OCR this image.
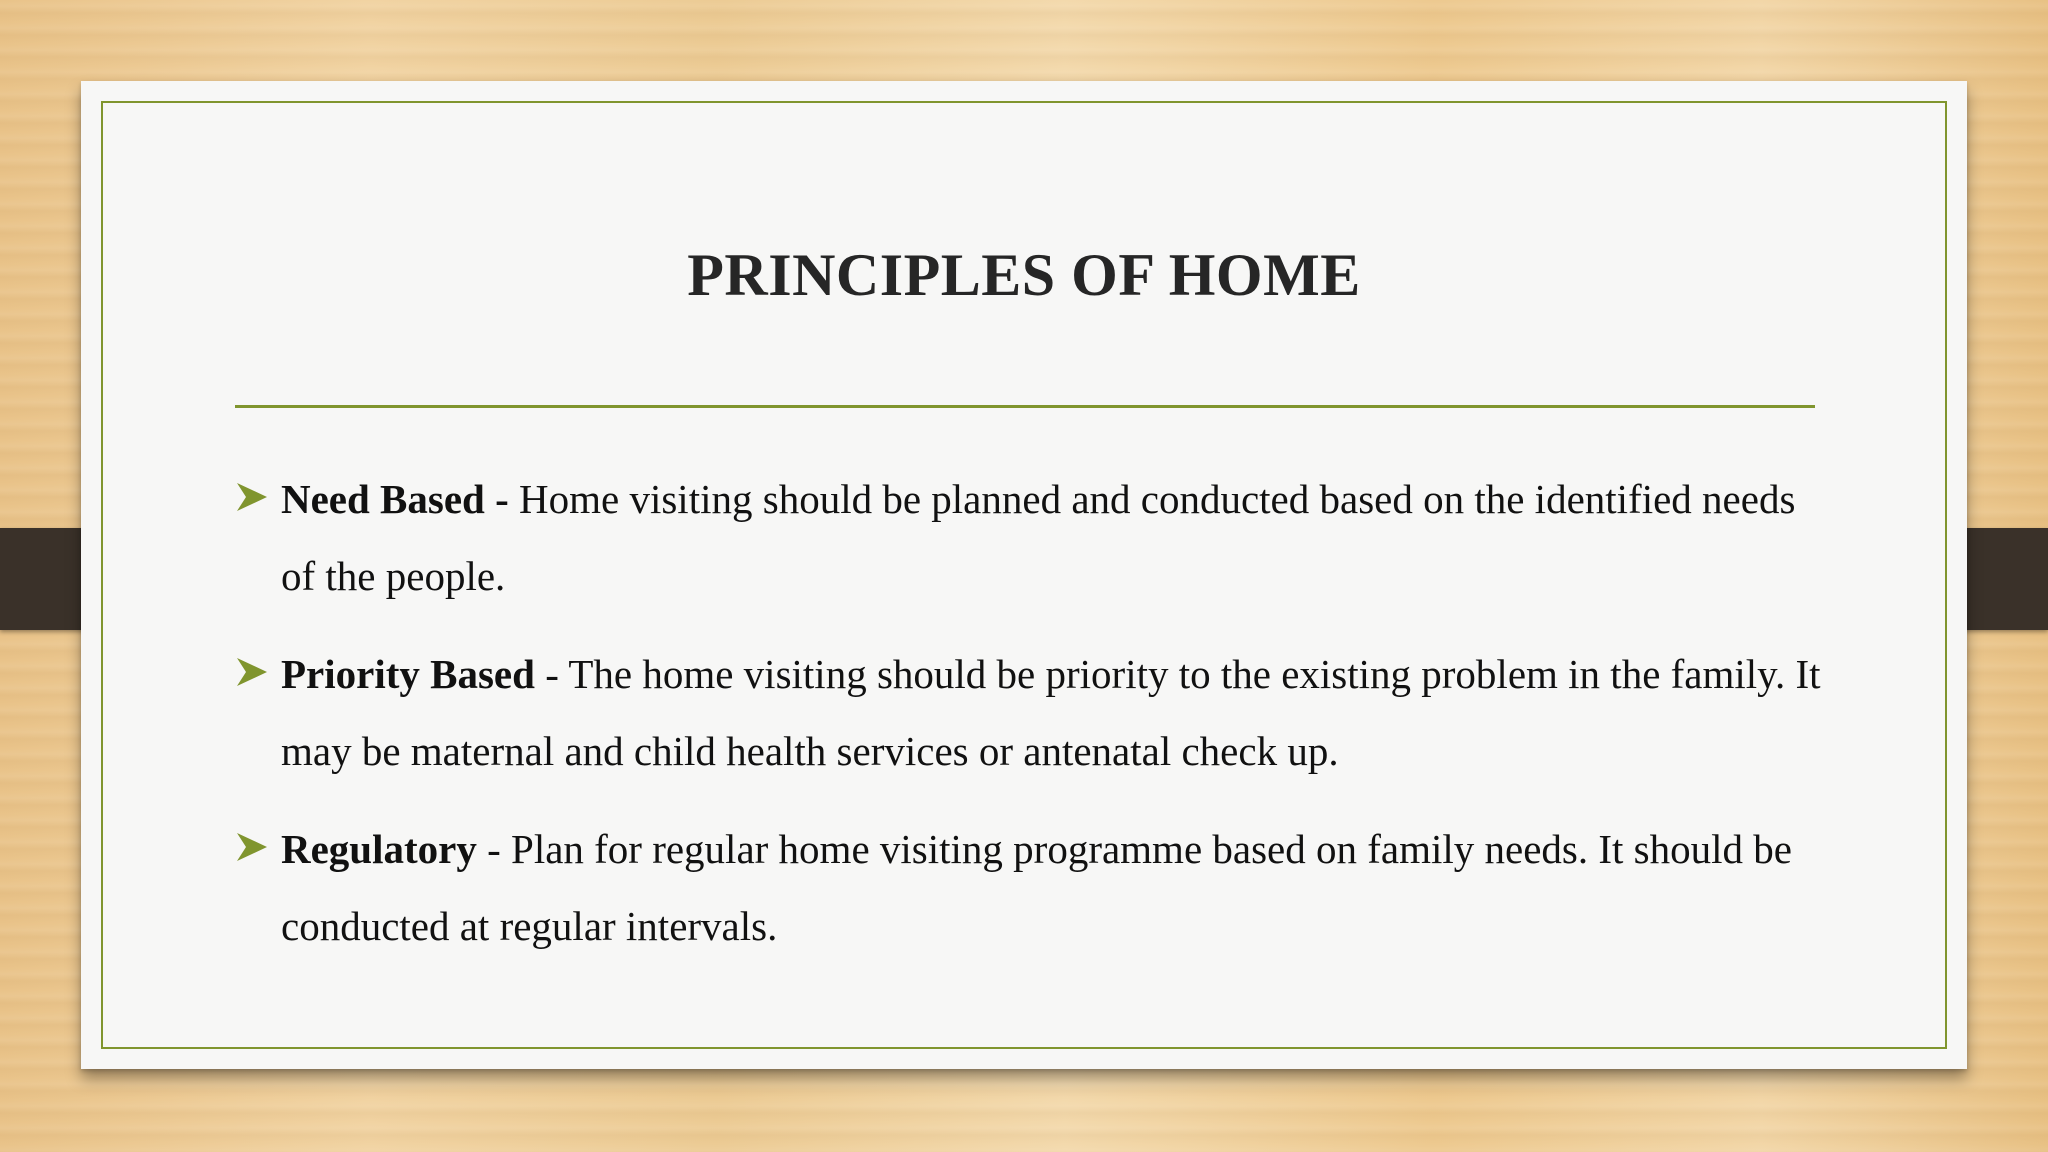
PRINCIPLES OF HOME
Need Based - Home visiting should be planned and conducted based on the identified needs of the people.
Priority Based - The home visiting should be priority to the existing problem in the family. It may be maternal and child health services or antenatal check up.
Regulatory - Plan for regular home visiting programme based on family needs. It should be conducted at regular intervals.
